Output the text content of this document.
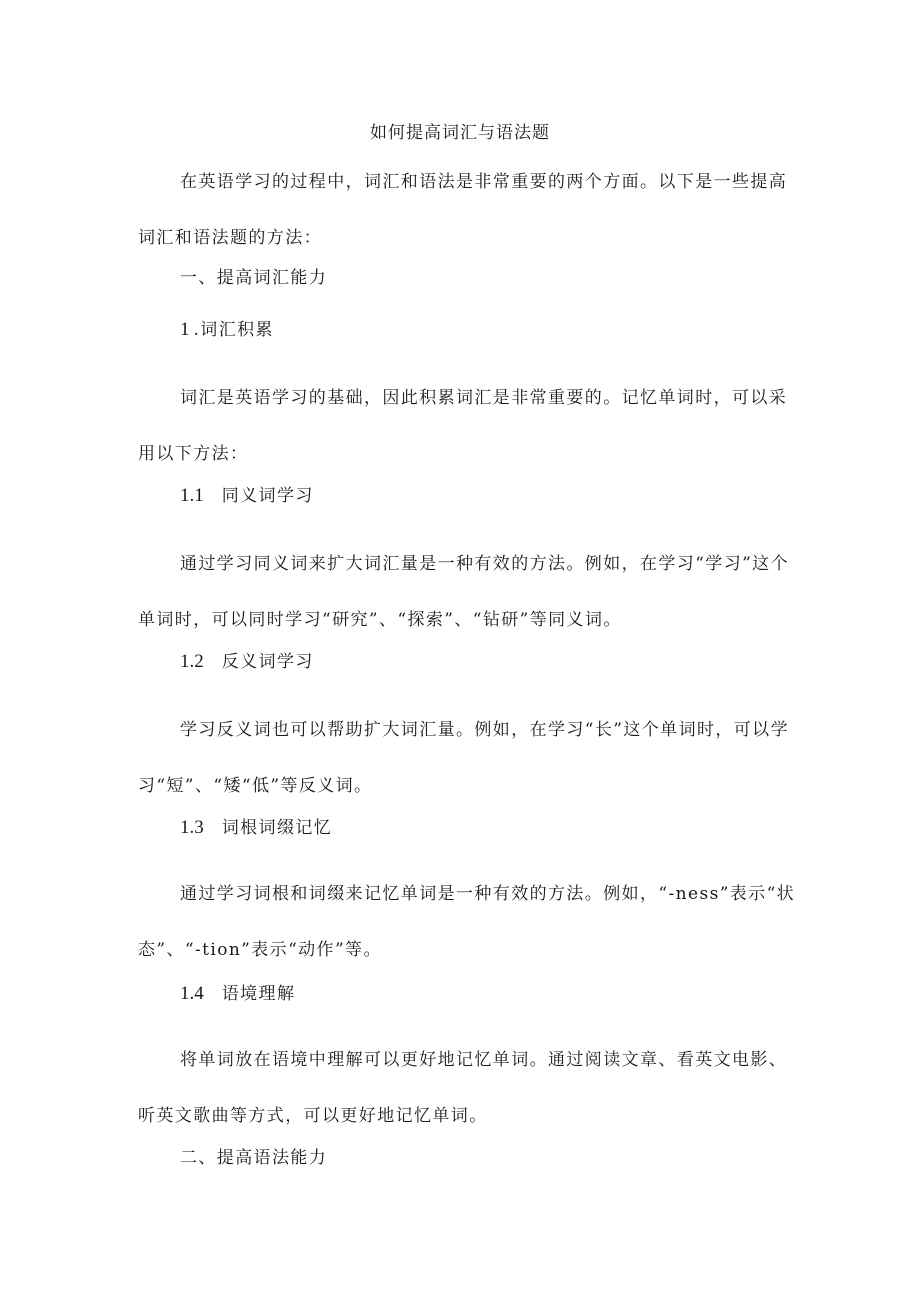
如何提高词汇与语法题

在英语学习的过程中，词汇和语法是非常重要的两个方面。以下是一些提高词汇和语法题的方法：

一、提高词汇能力

1 .词汇积累

词汇是英语学习的基础，因此积累词汇是非常重要的。记忆单词时，可以采用以下方法：

1.1 同义词学习

通过学习同义词来扩大词汇量是一种有效的方法。例如，在学习“学习”这个单词时，可以同时学习“研究”、“探索”、“钻研”等同义词。

1.2 反义词学习

学习反义词也可以帮助扩大词汇量。例如，在学习“长”这个单词时，可以学习“短”、“矮“低”等反义词。

1.3 词根词缀记忆

通过学习词根和词缀来记忆单词是一种有效的方法。例如，“-ness”表示“状态”、“-tion”表示“动作”等。

1.4 语境理解

将单词放在语境中理解可以更好地记忆单词。通过阅读文章、看英文电影、听英文歌曲等方式，可以更好地记忆单词。

二、提高语法能力
